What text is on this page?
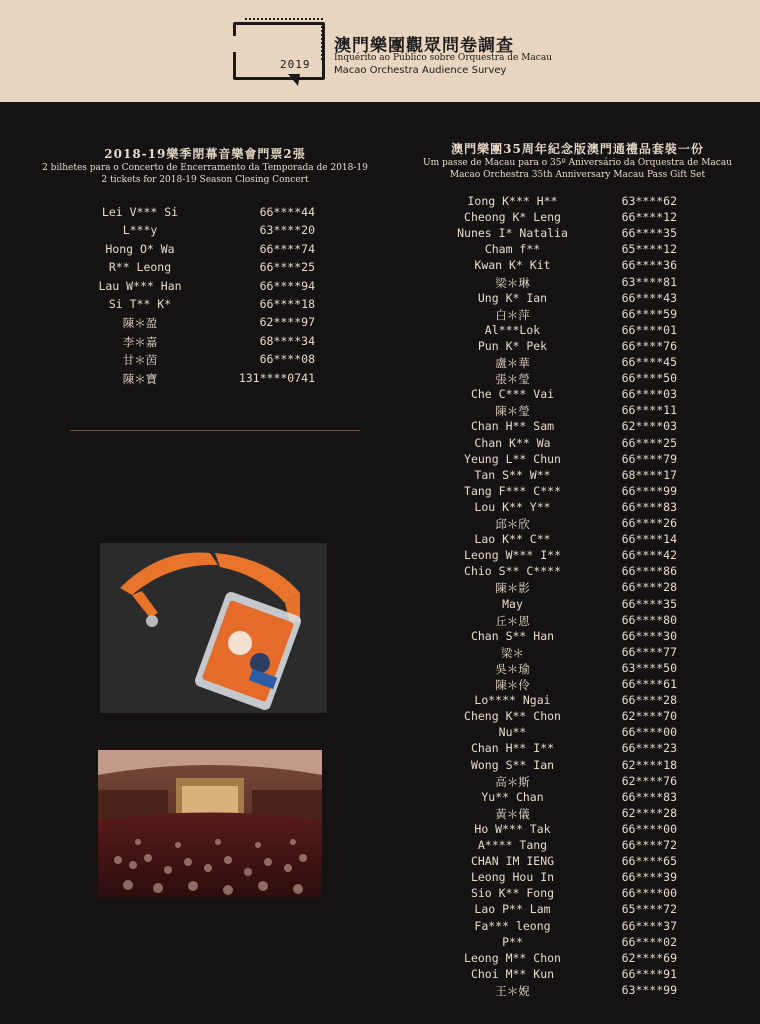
2019
澳門樂團觀眾問卷調查
Inquérito ao Público sobre Orquestra de Macau
Macao Orchestra Audience Survey
2018-19樂季閉幕音樂會門票2張
2 bilhetes para o Concerto de Encerramento da Temporada de 2018-19
2 tickets for 2018-19 Season Closing Concert
Lei V*** Si	66****44
L***y	63****20
Hong O* Wa	66****74
R** Leong	66****25
Lau W*** Han	66****94
Si T** K*	66****18
陳＊盈	62****97
李＊嘉	68****34
甘＊茵	66****08
陳＊寶	131****0741
澳門樂團35周年紀念版澳門通禮品套裝一份
Um passe de Macau para o 35º Aniversário da Orquestra de Macau
Macao Orchestra 35th Anniversary Macau Pass Gift Set
Iong K*** H**	63****62
Cheong K* Leng	66****12
Nunes I* Natalia	66****35
Cham f**	65****12
Kwan K* Kit	66****36
梁＊琳	63****81
Ung K* Ian	66****43
白＊萍	66****59
Al***Lok	66****01
Pun K* Pek	66****76
盧＊華	66****45
張＊瑩	66****50
Che C*** Vai	66****03
陳＊瑩	66****11
Chan H** Sam	62****03
Chan K** Wa	66****25
Yeung L** Chun	66****79
Tan S** W**	68****17
Tang F*** C***	66****99
Lou K** Y**	66****83
邱＊欣	66****26
Lao K** C**	66****14
Leong W*** I**	66****42
Chio S** C****	66****86
陳＊影	66****28
May	66****35
丘＊恩	66****80
Chan S** Han	66****30
梁＊	66****77
吳＊瑜	63****50
陳＊伶	66****61
Lo**** Ngai	66****28
Cheng K** Chon	62****70
Nu**	66****00
Chan H** I**	66****23
Wong S** Ian	62****18
高＊斯	62****76
Yu** Chan	66****83
黃＊儀	62****28
Ho W*** Tak	66****00
A**** Tang	66****72
CHAN IM IENG	66****65
Leong Hou In	66****39
Sio K** Fong	66****00
Lao P** Lam	65****72
Fa*** leong	66****37
P**	66****02
Leong M** Chon	62****69
Choi M** Kun	66****91
王＊婗	63****99
